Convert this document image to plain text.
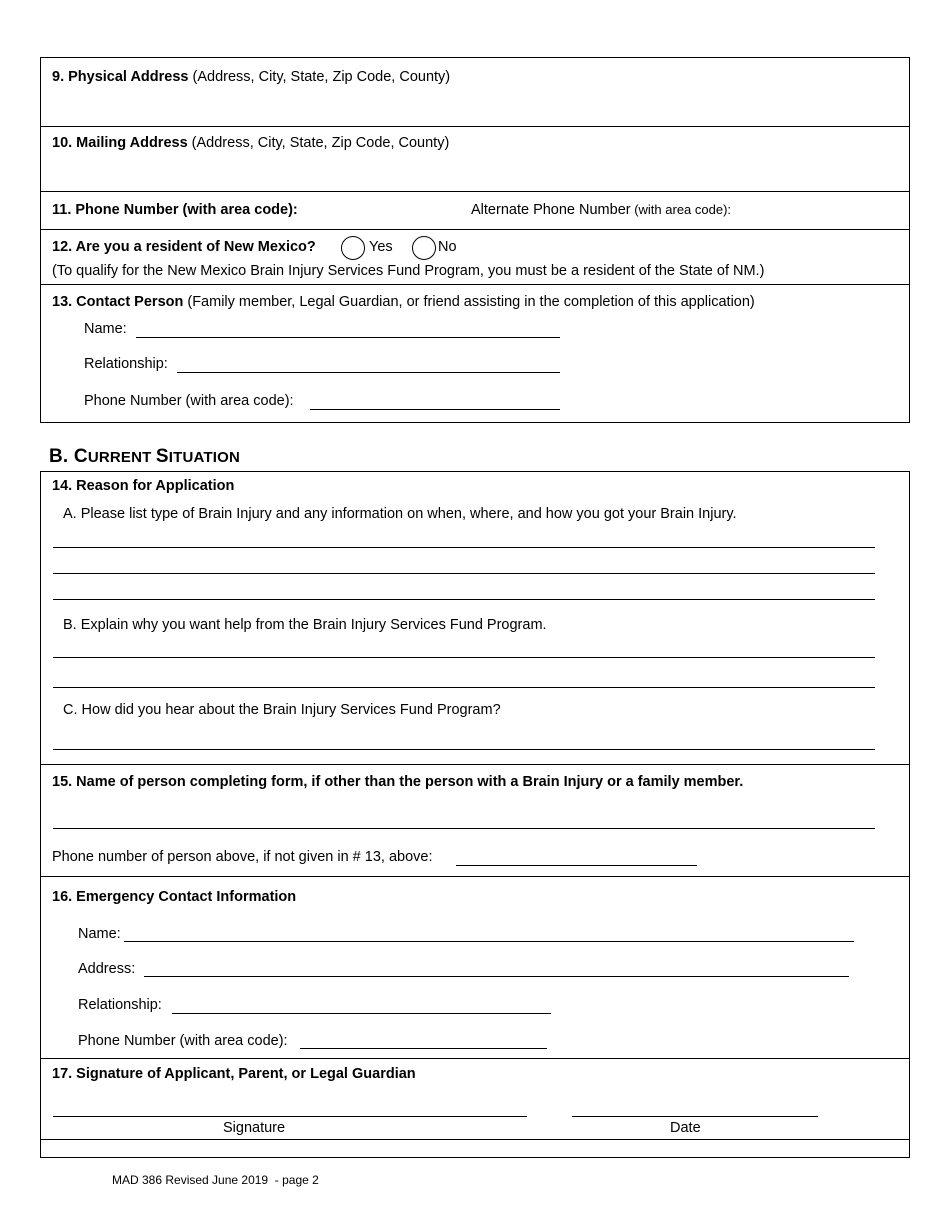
9. Physical Address (Address, City, State, Zip Code, County)
10. Mailing Address (Address, City, State, Zip Code, County)
11. Phone Number (with area code):	Alternate Phone Number (with area code):
12. Are you a resident of New Mexico?	Yes	No
(To qualify for the New Mexico Brain Injury Services Fund Program, you must be a resident of the State of NM.)
13. Contact Person (Family member, Legal Guardian, or friend assisting in the completion of this application)
Name:
Relationship:
Phone Number (with area code):
B. CURRENT SITUATION
14. Reason for Application
A. Please list type of Brain Injury and any information on when, where, and how you got your Brain Injury.
B. Explain why you want help from the Brain Injury Services Fund Program.
C. How did you hear about the Brain Injury Services Fund Program?
15. Name of person completing form, if other than the person with a Brain Injury or a family member.
Phone number of person above, if not given in # 13, above:
16. Emergency Contact Information
Name:
Address:
Relationship:
Phone Number (with area code):
17. Signature of Applicant, Parent, or Legal Guardian
Signature	Date
MAD 386 Revised June 2019  - page 2
